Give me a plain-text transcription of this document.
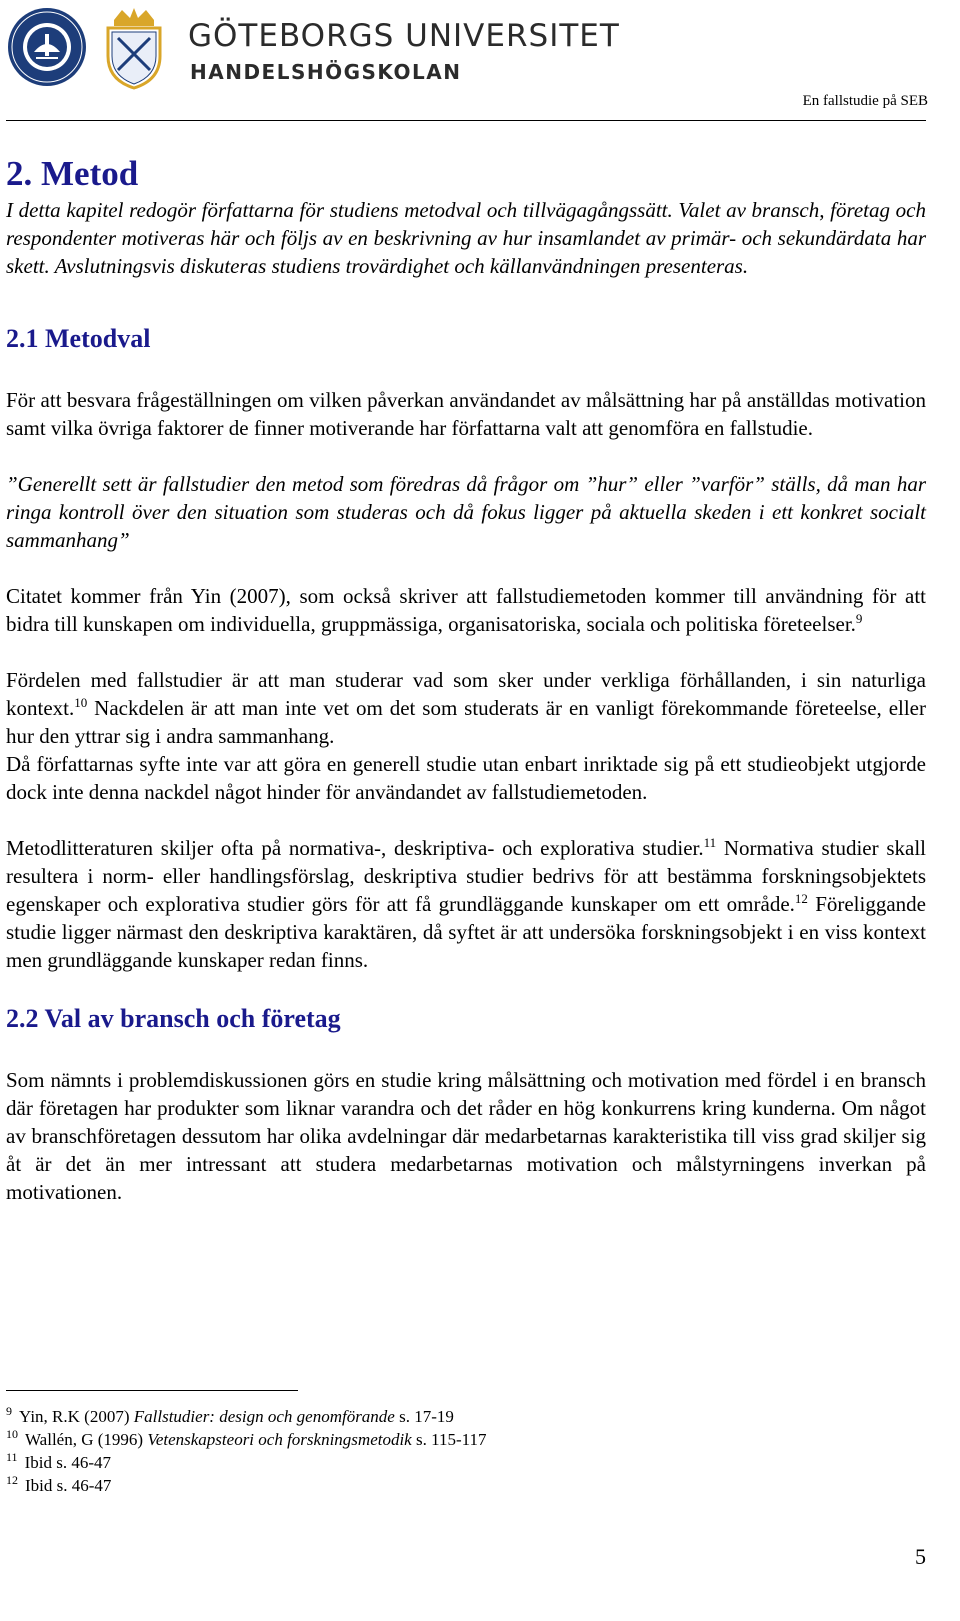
GÖTEBORGS UNIVERSITET
HANDELSHÖGSKOLAN
En fallstudie på SEB
2. Metod

I detta kapitel redogör författarna för studiens metodval och tillvägagångssätt. Valet av bransch, företag och respondenter motiveras här och följs av en beskrivning av hur insamlandet av primär- och sekundärdata har skett. Avslutningsvis diskuteras studiens trovärdighet och källanvändningen presenteras.

2.1 Metodval

För att besvara frågeställningen om vilken påverkan användandet av målsättning har på anställdas motivation samt vilka övriga faktorer de finner motiverande har författarna valt att genomföra en fallstudie.

”Generellt sett är fallstudier den metod som föredras då frågor om ”hur” eller ”varför” ställs, då man har ringa kontroll över den situation som studeras och då fokus ligger på aktuella skeden i ett konkret socialt sammanhang”

Citatet kommer från Yin (2007), som också skriver att fallstudiemetoden kommer till användning för att bidra till kunskapen om individuella, gruppmässiga, organisatoriska, sociala och politiska företeelser.$^9$

Fördelen med fallstudier är att man studerar vad som sker under verkliga förhållanden, i sin naturliga kontext.$^{10}$ Nackdelen är att man inte vet om det som studerats är en vanligt förekommande företeelse, eller hur den yttrar sig i andra sammanhang.

Då författarnas syfte inte var att göra en generell studie utan enbart inriktade sig på ett studieobjekt utgjorde dock inte denna nackdel något hinder för användandet av fallstudiemetoden.

Metodlitteraturen skiljer ofta på normativa-, deskriptiva- och explorativa studier.$^{11}$ Normativa studier skall resultera i norm- eller handlingsförslag, deskriptiva studier bedrivs för att bestämma forskningsobjektets egenskaper och explorativa studier görs för att få grundläggande kunskaper om ett område.$^{12}$ Föreliggande studie ligger närmast den deskriptiva karaktären, då syftet är att undersöka forskningsobjekt i en viss kontext men grundläggande kunskaper redan finns.

2.2 Val av bransch och företag

Som nämnts i problemdiskussionen görs en studie kring målsättning och motivation med fördel i en bransch där företagen har produkter som liknar varandra och det råder en hög konkurrens kring kunderna. Om något av branschföretagen dessutom har olika avdelningar där medarbetarnas karakteristika till viss grad skiljer sig åt är det än mer intressant att studera medarbetarnas motivation och målstyrningens inverkan på motivationen.

$^9$ Yin, R.K (2007) Fallstudier: design och genomförande s. 17-19
$^{10}$ Wallén, G (1996) Vetenskapsteori och forskningsmetodik s. 115-117
$^{11}$ Ibid s. 46-47
$^{12}$ Ibid s. 46-47
5
